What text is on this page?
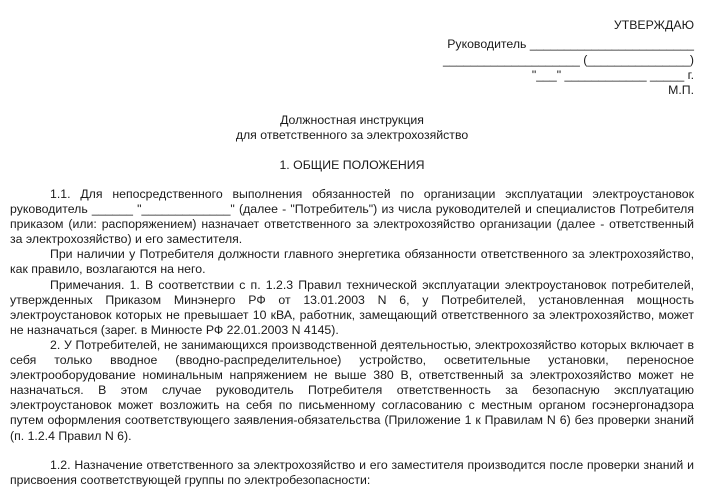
УТВЕРЖДАЮ
Руководитель ________________________
____________________ (_______________)
"___" ____________ _____ г.
М.П.
Должностная инструкция
для ответственного за электрохозяйство
1. ОБЩИЕ ПОЛОЖЕНИЯ

1.1. Для непосредственного выполнения обязанностей по организации эксплуатации электроустановок руководитель ______ "_____________" (далее - "Потребитель") из числа руководителей и специалистов Потребителя приказом (или: распоряжением) назначает ответственного за электрохозяйство организации (далее - ответственный за электрохозяйство) и его заместителя.

При наличии у Потребителя должности главного энергетика обязанности ответственного за электрохозяйство, как правило, возлагаются на него.

Примечания. 1. В соответствии с п. 1.2.3 Правил технической эксплуатации электроустановок потребителей, утвержденных Приказом Минэнерго РФ от 13.01.2003 N 6, у Потребителей, установленная мощность электроустановок которых не превышает 10 кВА, работник, замещающий ответственного за электрохозяйство, может не назначаться (зарег. в Минюсте РФ 22.01.2003 N 4145).

2. У Потребителей, не занимающихся производственной деятельностью, электрохозяйство которых включает в себя только вводное (вводно-распределительное) устройство, осветительные установки, переносное электрооборудование номинальным напряжением не выше 380 В, ответственный за электрохозяйство может не назначаться. В этом случае руководитель Потребителя ответственность за безопасную эксплуатацию электроустановок может возложить на себя по письменному согласованию с местным органом госэнергонадзора путем оформления соответствующего заявления-обязательства (Приложение 1 к Правилам N 6) без проверки знаний (п. 1.2.4 Правил N 6).

1.2. Назначение ответственного за электрохозяйство и его заместителя производится после проверки знаний и присвоения соответствующей группы по электробезопасности:
